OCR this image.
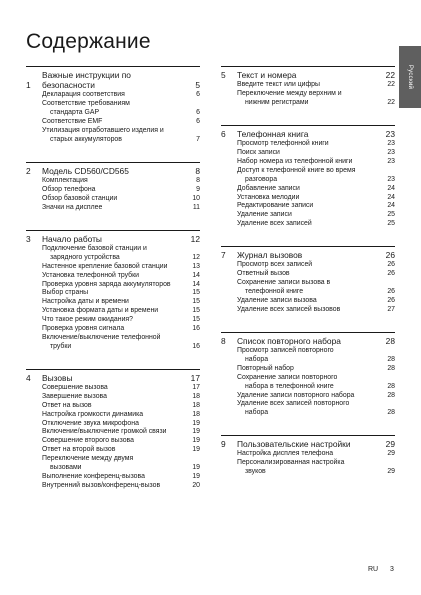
Содержание
Русский
1
Важные инструкции по
безопасности	5
Декларация соответствия	6
Соответствие требованиям
стандарта GAP	6
Соответствие EMF	6
Утилизация отработавшего изделия и
старых аккумуляторов	7
2	Модель CD560/CD565	8
Комплектация	8
Обзор телефона	9
Обзор базовой станции	10
Значки на дисплее	11
3	Начало работы	12
Подключение базовой станции и
зарядного устройства	12
Настенное крепление базовой станции	13
Установка телефонной трубки	14
Проверка уровня заряда аккумуляторов	14
Выбор страны	15
Настройка даты и времени	15
Установка формата даты и времени	15
Что такое режим ожидания?	15
Проверка уровня сигнала	16
Включение/выключение телефонной
трубки	16
4	Вызовы	17
Совершение вызова	17
Завершение вызова	18
Ответ на вызов	18
Настройка громкости динамика	18
Отключение звука микрофона	19
Включение/выключение громкой связи	19
Совершение второго вызова	19
Ответ на второй вызов	19
Переключение между двумя
вызовами	19
Выполнение конференц-вызова	19
Внутренний вызов/конференц-вызов	20
5	Текст и номера	22
Введите текст или цифры	22
Переключение между верхним и
нижним регистрами	22
6	Телефонная книга	23
Просмотр телефонной книги	23
Поиск записи	23
Набор номера из телефонной книги	23
Доступ к телефонной книге во время
разговора	23
Добавление записи	24
Установка мелодии	24
Редактирование записи	24
Удаление записи	25
Удаление всех записей	25
7	Журнал вызовов	26
Просмотр всех записей	26
Ответный вызов	26
Сохранение записи вызова в
телефонной книге	26
Удаление записи вызова	26
Удаление всех записей вызовов	27
8	Список повторного набора	28
Просмотр записей повторного
набора	28
Повторный набор	28
Сохранение записи повторного
набора в телефонной книге	28
Удаление записи повторного набора	28
Удаление всех записей повторного
набора	28
9	Пользовательские настройки	29
Настройка дисплея телефона	29
Персонализированная настройка
звуков	29
RU 3
